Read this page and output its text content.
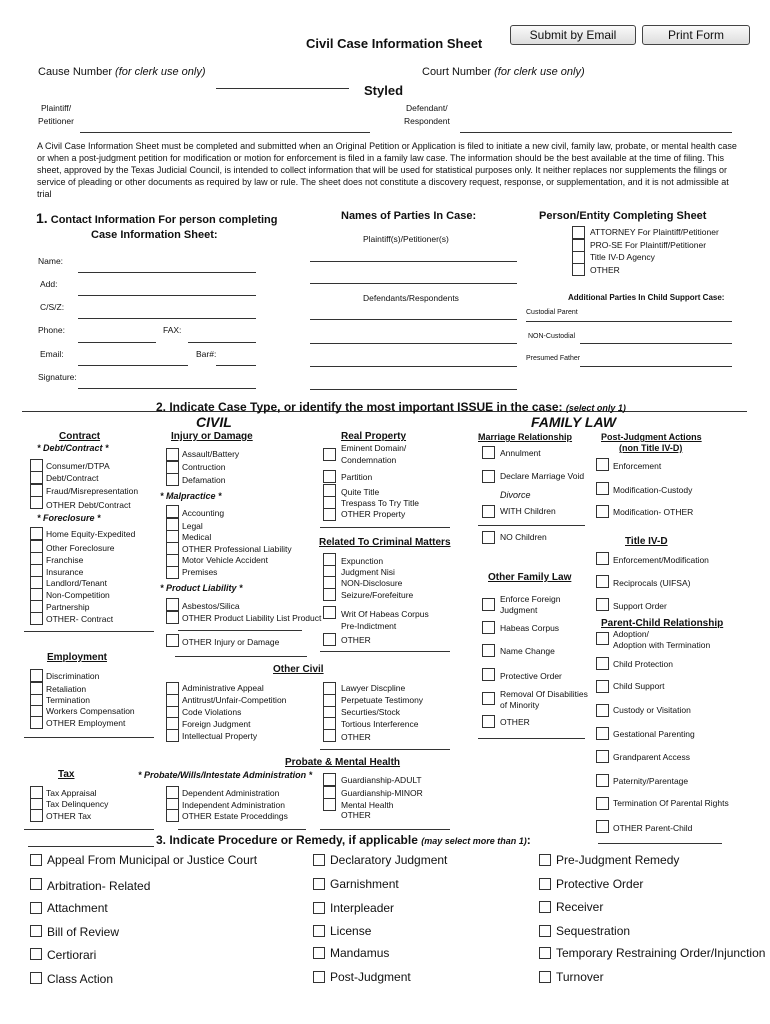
Civil Case Information Sheet
Submit by Email	Print Form
Cause Number (for clerk use only)	Court Number (for clerk use only)
Styled
Plaintiff/
Petitioner
Defendant/
Respondent
A Civil Case Information Sheet must be completed and submitted when an Original Petition or Application is filed to initiate a new civil, family law, probate, or mental health case or when a post-judgment petition for modification or motion for enforcement is filed in a family law case. The information should be the best available at the time of filing. This sheet, approved by the Texas Judicial Council, is intended to collect information that will be used for statistical purposes only. It neither replaces nor supplements the filings or service of pleading or other documents as required by law or rule. The sheet does not constitute a discovery request, response, or supplementation, and it is not admissible at trial
1. Contact Information For person completing
Case Information Sheet:
Name:
Add:
C/S/Z:
Phone:	FAX:
Email:	Bar#:
Signature:
Names of Parties In Case:
Plaintiff(s)/Petitioner(s)
Defendants/Respondents
Person/Entity Completing Sheet
ATTORNEY For Plaintiff/Petitioner
PRO-SE For Plaintiff/Petitioner
Title IV-D Agency
OTHER
Additional Parties In Child Support Case:
Custodial Parent
NON-Custodial
Presumed Father
2. Indicate Case Type, or identify the most important ISSUE in the case: (select only 1)
CIVIL	FAMILY LAW
Contract
* Debt/Contract *
Consumer/DTPA
Debt/Contract
Fraud/Misrepresentation
OTHER Debt/Contract
* Foreclosure *
Home Equity-Expedited
Other Foreclosure
Franchise
Insurance
Landlord/Tenant
Non-Competition
Partnership
OTHER- Contract
Injury or Damage
Assault/Battery
Contruction
Defamation
* Malpractice *
Accounting
Legal
Medical
OTHER Professional Liability
Motor Vehicle Accident
Premises
* Product Liability *
Asbestos/Silica
OTHER Product Liability List Product
OTHER Injury or Damage
Real Property
Eminent Domain/
Condemnation
Partition
Quite Title
Trespass To Try Title
OTHER Property
Related To Criminal Matters
Expunction
Judgment Nisi
NON-Disclosure
Seizure/Forefeiture
Writ Of Habeas Corpus
Pre-Indictment
OTHER
Employment
Discrimination
Retaliation
Termination
Workers Compensation
OTHER Employment
Other Civil
Administrative Appeal
Antitrust/Unfair-Competition
Code Violations
Foreign Judgment
Intellectual Property
Lawyer Discpline
Perpetuate Testimony
Securties/Stock
Tortious Interference
OTHER
Tax
Tax Appraisal
Tax Delinquency
OTHER Tax
Probate & Mental Health
* Probate/Wills/Intestate Administration *
Dependent Administration
Independent Administration
OTHER Estate Proceddings
Guardianship-ADULT
Guardianship-MINOR
Mental Health
OTHER
Marriage Relationship
Annulment
Declare Marriage Void
Divorce
WITH Children
NO Children
Other Family Law
Enforce Foreign
Judgment
Habeas Corpus
Name Change
Protective Order
Removal Of Disabilities
of Minority
OTHER
Post-Judgment Actions
(non Title IV-D)
Enforcement
Modification-Custody
Modification- OTHER
Title IV-D
Enforcement/Modification
Reciprocals (UIFSA)
Support Order
Parent-Child Relationship
Adoption/
Adoption with Termination
Child Protection
Child Support
Custody or Visitation
Gestational Parenting
Grandparent Access
Paternity/Parentage
Termination Of Parental Rights
OTHER Parent-Child
3. Indicate Procedure or Remedy, if applicable (may select more than 1):
Appeal From Municipal or Justice Court
Arbitration- Related
Attachment
Bill of Review
Certiorari
Class Action
Declaratory Judgment
Garnishment
Interpleader
License
Mandamus
Post-Judgment
Pre-Judgment Remedy
Protective Order
Receiver
Sequestration
Temporary Restraining Order/Injunction
Turnover
